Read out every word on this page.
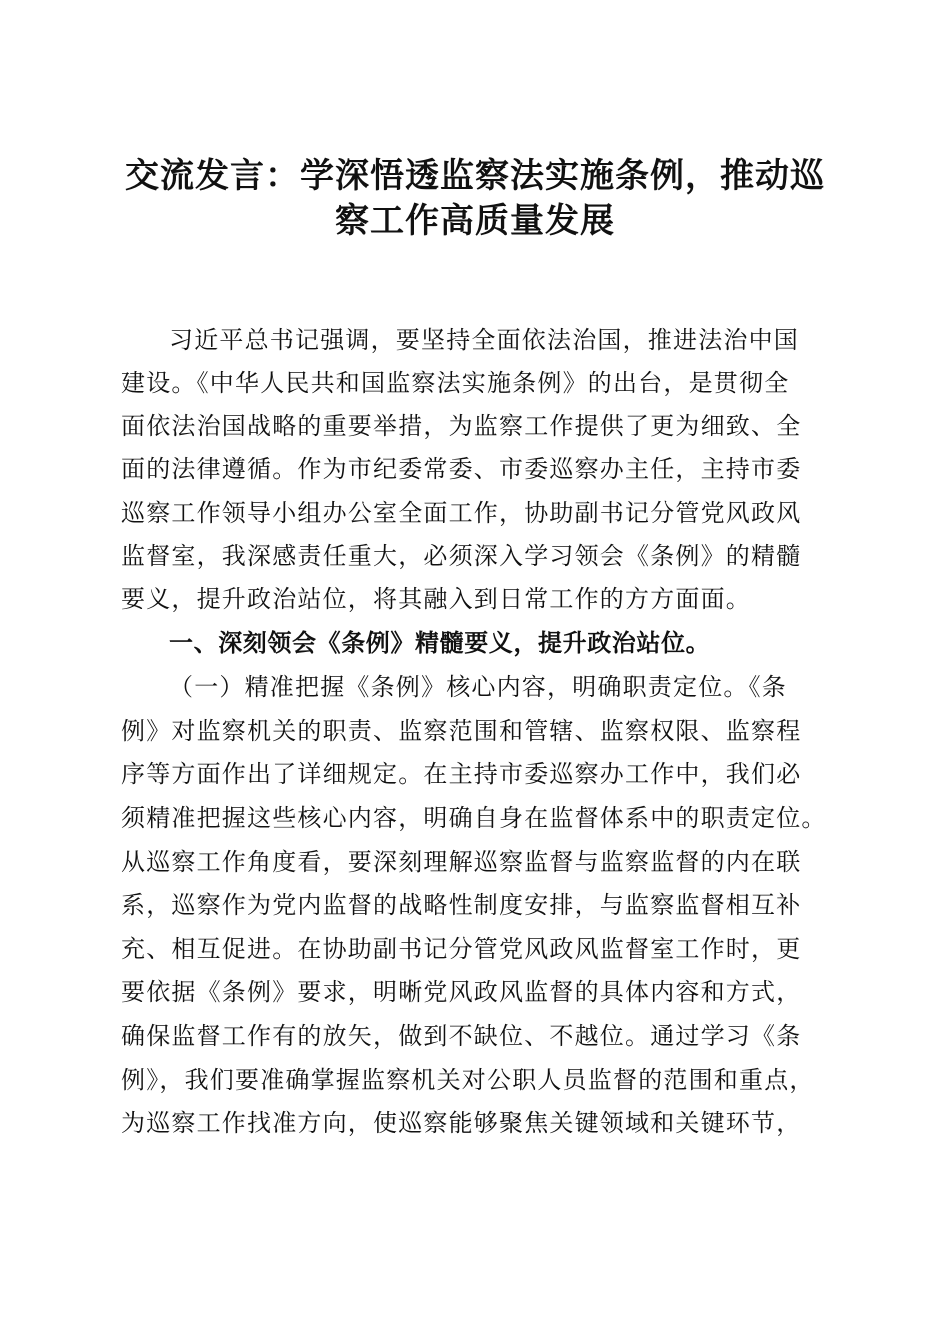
交流发言：学深悟透监察法实施条例，推动巡
察工作高质量发展
习近平总书记强调，要坚持全面依法治国，推进法治中国
建设。《中华人民共和国监察法实施条例》的出台，是贯彻全
面依法治国战略的重要举措，为监察工作提供了更为细致、全
面的法律遵循。作为市纪委常委、市委巡察办主任，主持市委
巡察工作领导小组办公室全面工作，协助副书记分管党风政风
监督室，我深感责任重大，必须深入学习领会《条例》的精髓
要义，提升政治站位，将其融入到日常工作的方方面面。
一、深刻领会《条例》精髓要义，提升政治站位。
（一）精准把握《条例》核心内容，明确职责定位。《条
例》对监察机关的职责、监察范围和管辖、监察权限、监察程
序等方面作出了详细规定。在主持市委巡察办工作中，我们必
须精准把握这些核心内容，明确自身在监督体系中的职责定位。
从巡察工作角度看，要深刻理解巡察监督与监察监督的内在联
系，巡察作为党内监督的战略性制度安排，与监察监督相互补
充、相互促进。在协助副书记分管党风政风监督室工作时，更
要依据《条例》要求，明晰党风政风监督的具体内容和方式，
确保监督工作有的放矢，做到不缺位、不越位。通过学习《条
例》，我们要准确掌握监察机关对公职人员监督的范围和重点，
为巡察工作找准方向，使巡察能够聚焦关键领域和关键环节，
